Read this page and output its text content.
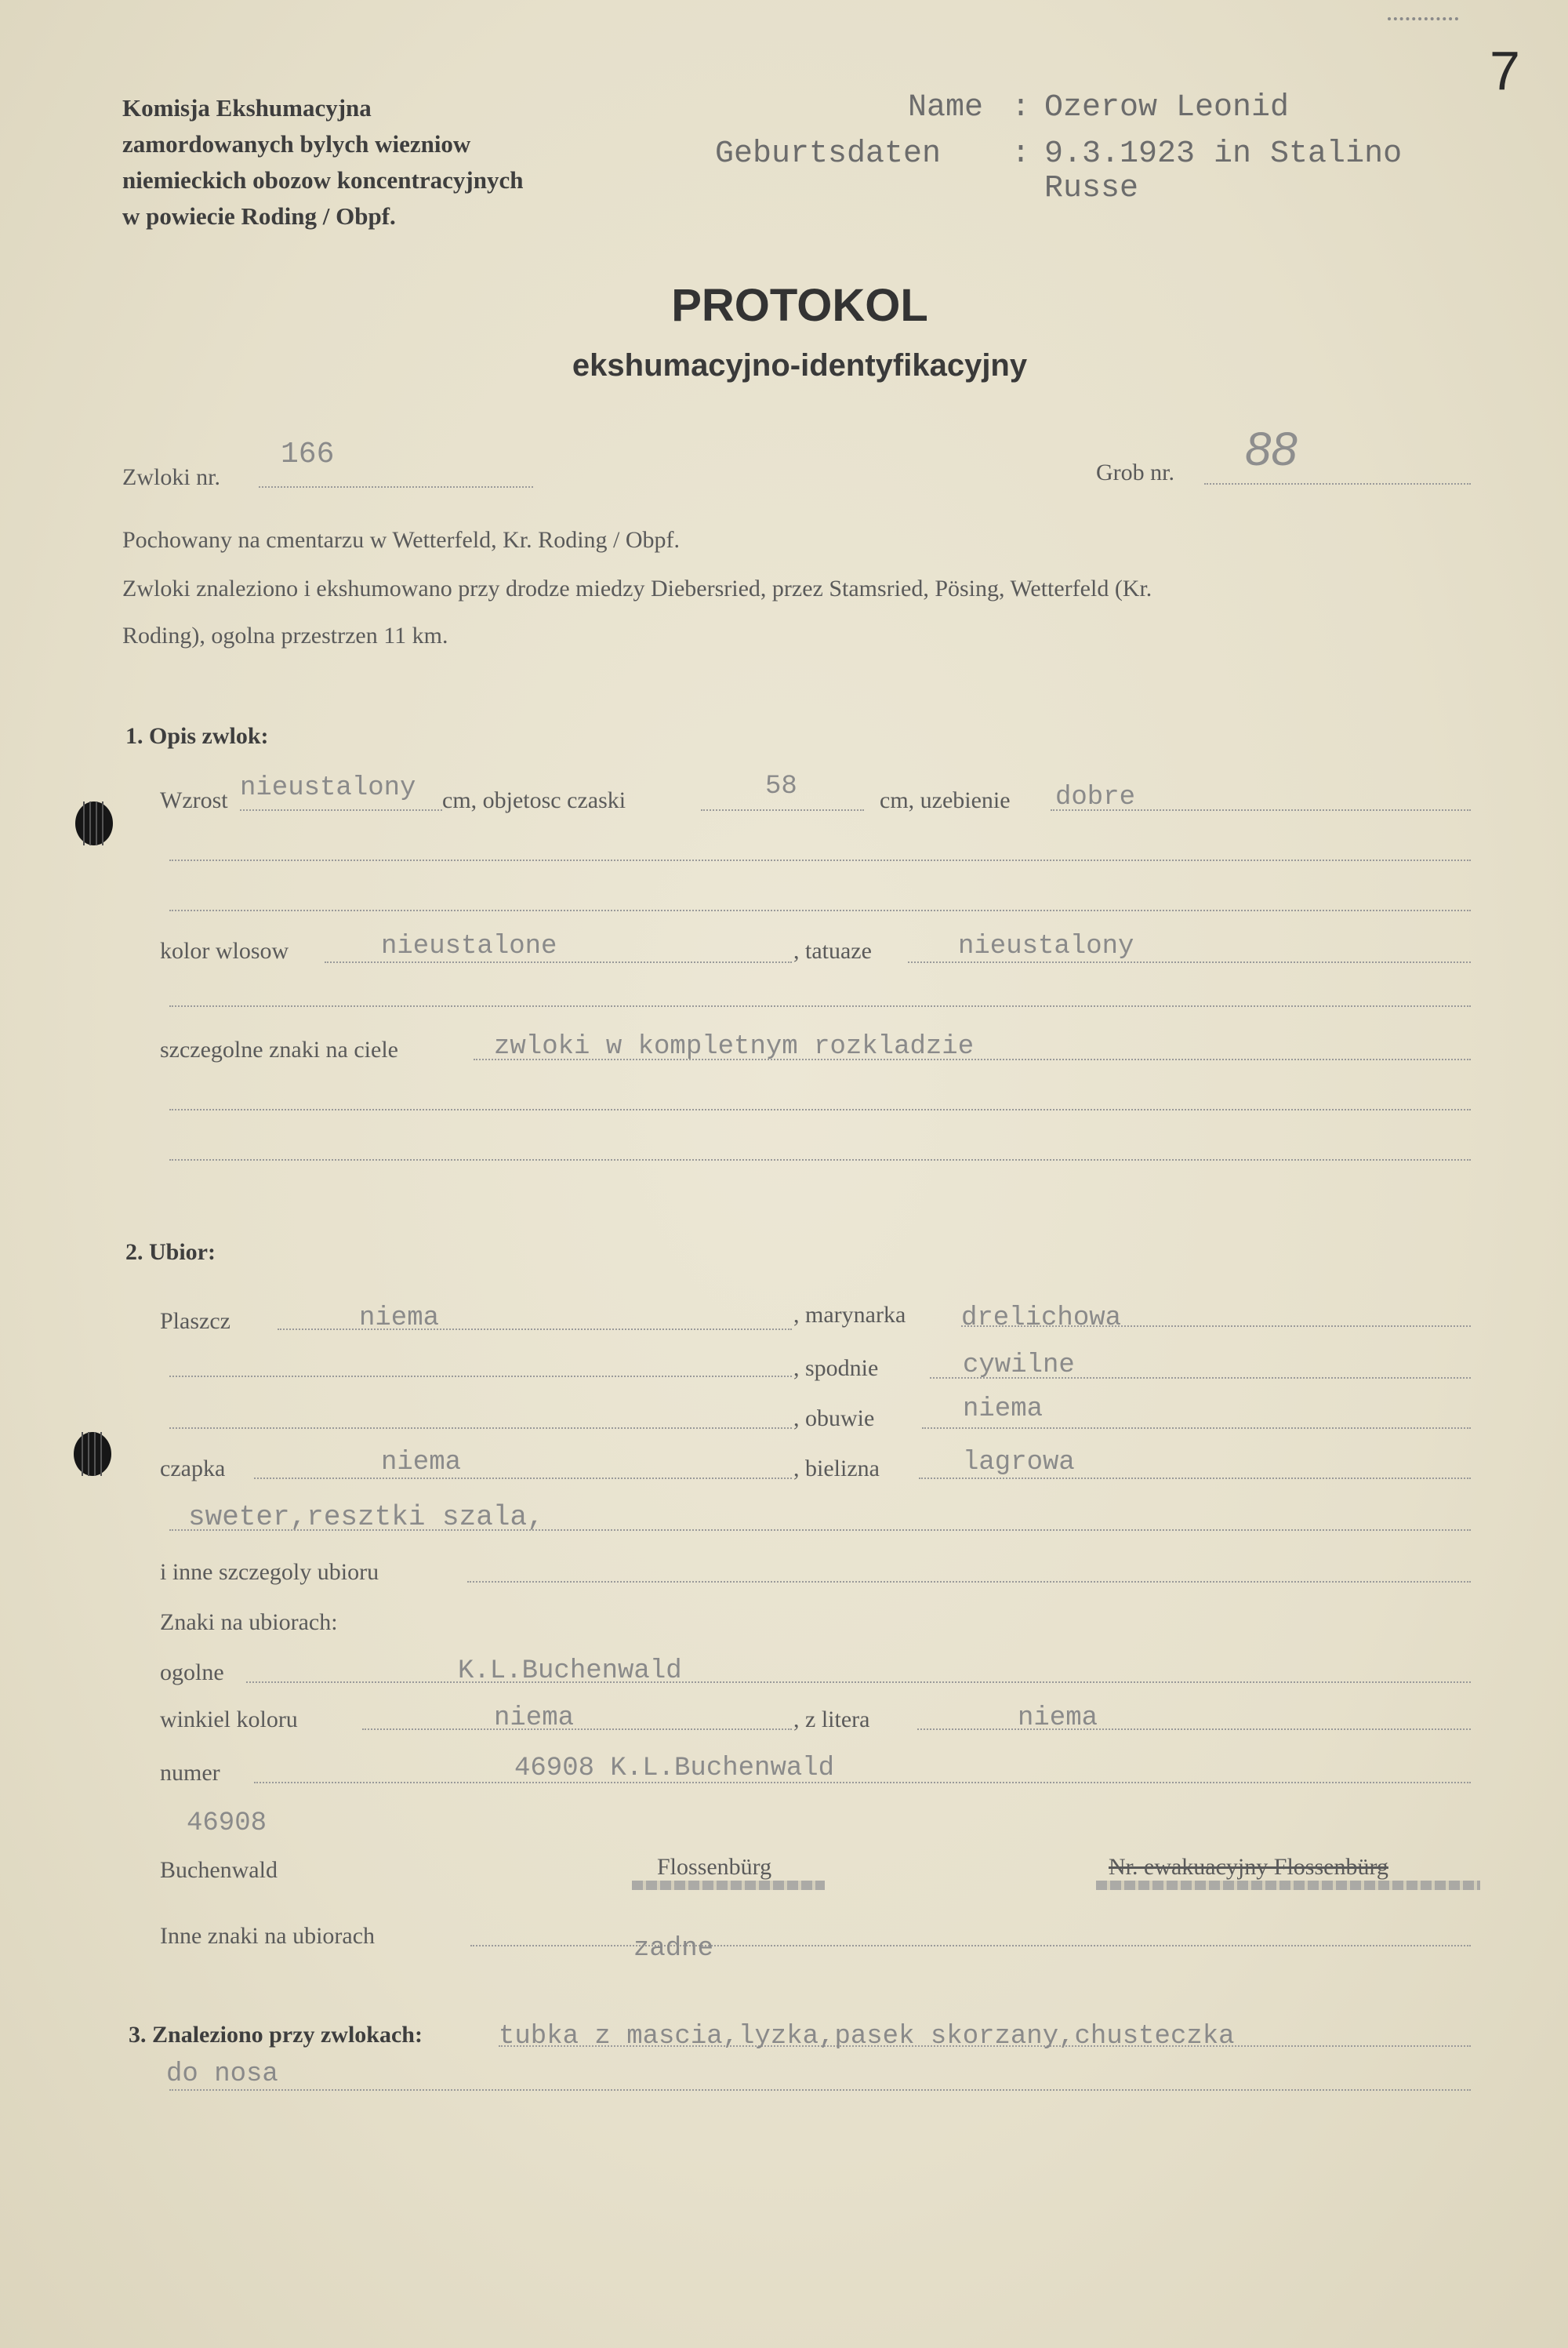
7
Komisja Ekshumacyjna
zamordowanych bylych wiezniow
niemieckich obozow koncentracyjnych
w powiecie Roding / Obpf.
Name : Ozerow Leonid
Geburtsdaten : 9.3.1923 in Stalino
Russe
PROTOKOL
ekshumacyjno-identyfikacyjny
Zwloki nr.
166
Grob nr. 88
Pochowany na cmentarzu w Wetterfeld, Kr. Roding / Obpf.
Zwloki znaleziono i ekshumowano przy drodze miedzy Diebersried, przez Stamsried, Pösing, Wetterfeld (Kr.
Roding), ogolna przestrzen 11 km.
1. Opis zwlok:
Wzrost nieustalony cm, objetosc czaski	58	cm, uzebienie dobre
kolor wlosow	nieustalone	, tatuaze	nieustalony
szczegolne znaki na ciele	zwloki w kompletnym rozkladzie
2. Ubior:
Plaszcz	niema	, marynarka drelichowa
, spodnie	cywilne
, obuwie	niema
czapka	niema	, bielizna	lagrowa
sweter,resztki szala,
i inne szczegoly ubioru
Znaki na ubiorach:
ogolne	K.L.Buchenwald
winkiel koloru	niema	, z litera	niema
numer	46908 K.L.Buchenwald
46908
Buchenwald	Flossenbürg	Nr. ewakuacyjny Flossenbürg
Inne znaki na ubiorach	zadne
3. Znaleziono przy zwlokach:	tubka z mascia,lyzka,pasek skorzany,chusteczka
do nosa
